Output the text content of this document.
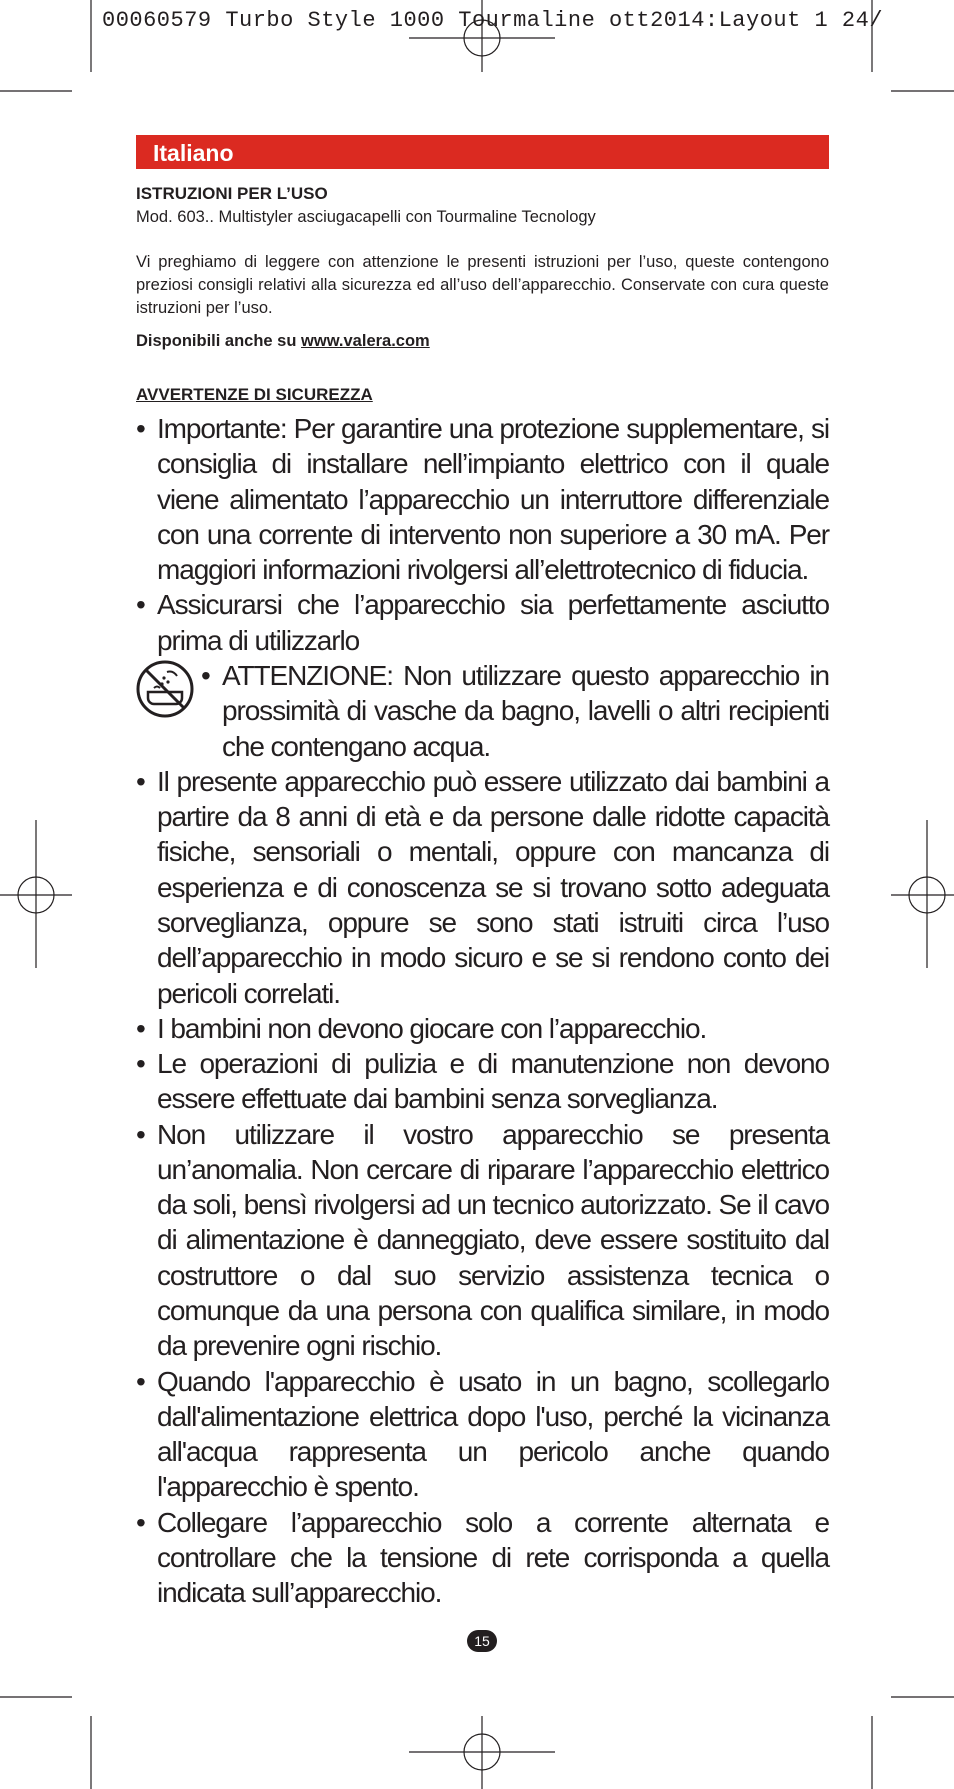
00060579 Turbo Style 1000 Tourmaline ott2014:Layout 1 24/
Italiano
ISTRUZIONI PER L’USO
Mod. 603.. Multistyler asciugacapelli con Tourmaline Tecnology
Vi preghiamo di leggere con attenzione le presenti istruzioni per l’uso, queste contengono preziosi consigli relativi alla sicurezza ed all’uso dell’apparecchio. Conservate con cura queste istruzioni per l’uso.
Disponibili anche su www.valera.com
AVVERTENZE DI SICUREZZA
• Importante: Per garantire una protezione supplementare, si consiglia di installare nell’impianto elettrico con il quale viene alimentato l’apparecchio un interruttore differenziale con una corrente di intervento non superiore a 30 mA. Per maggiori informazioni rivolgersi all’elettrotecnico di fiducia.
• Assicurarsi che l’apparecchio sia perfettamente asciutto prima di utilizzarlo
• ATTENZIONE: Non utilizzare questo apparecchio in prossimità di vasche da bagno, lavelli o altri recipienti che contengano acqua.
• Il presente apparecchio può essere utilizzato dai bambini a partire da 8 anni di età e da persone dalle ridotte capacità fisiche, sensoriali o mentali, oppure con mancanza di esperienza e di conoscenza se si trovano sotto adeguata sorveglianza, oppure se sono stati istruiti circa l’uso dell’apparecchio in modo sicuro e se si rendono conto dei pericoli correlati.
• I bambini non devono giocare con l’apparecchio.
• Le operazioni di pulizia e di manutenzione non devono essere effettuate dai bambini senza sorveglianza.
• Non utilizzare il vostro apparecchio se presenta un’anomalia. Non cercare di riparare l’apparecchio elettrico da soli, bensì rivolgersi ad un tecnico autorizzato. Se il cavo di alimentazione è danneggiato, deve essere sostituito dal costruttore o dal suo servizio assistenza tecnica o comunque da una persona con qualifica similare, in modo da prevenire ogni rischio.
• Quando l'apparecchio è usato in un bagno, scollegarlo dall'alimentazione elettrica dopo l'uso, perché la vicinanza all'acqua rappresenta un pericolo anche quando l'apparecchio è spento.
• Collegare l’apparecchio solo a corrente alternata e controllare che la tensione di rete corrisponda a quella indicata sull’apparecchio.
15
